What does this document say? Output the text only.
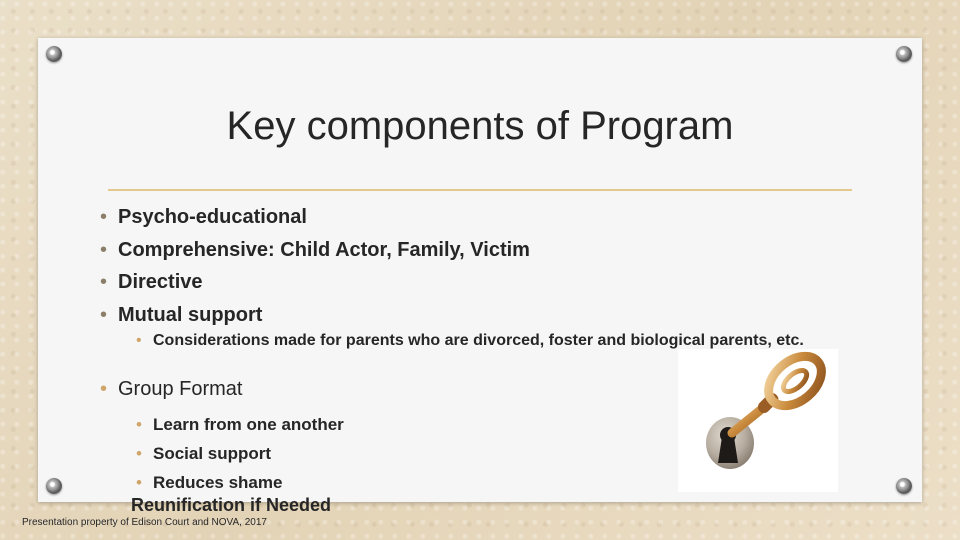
Key components of Program
• Psycho-educational
• Comprehensive: Child Actor, Family, Victim
• Directive
• Mutual support
• Considerations made for parents who are divorced, foster and biological parents, etc.
• Group Format
• Learn from one another
• Social support
• Reduces shame
Reunification if Needed
Presentation property of Edison Court and NOVA, 2017
